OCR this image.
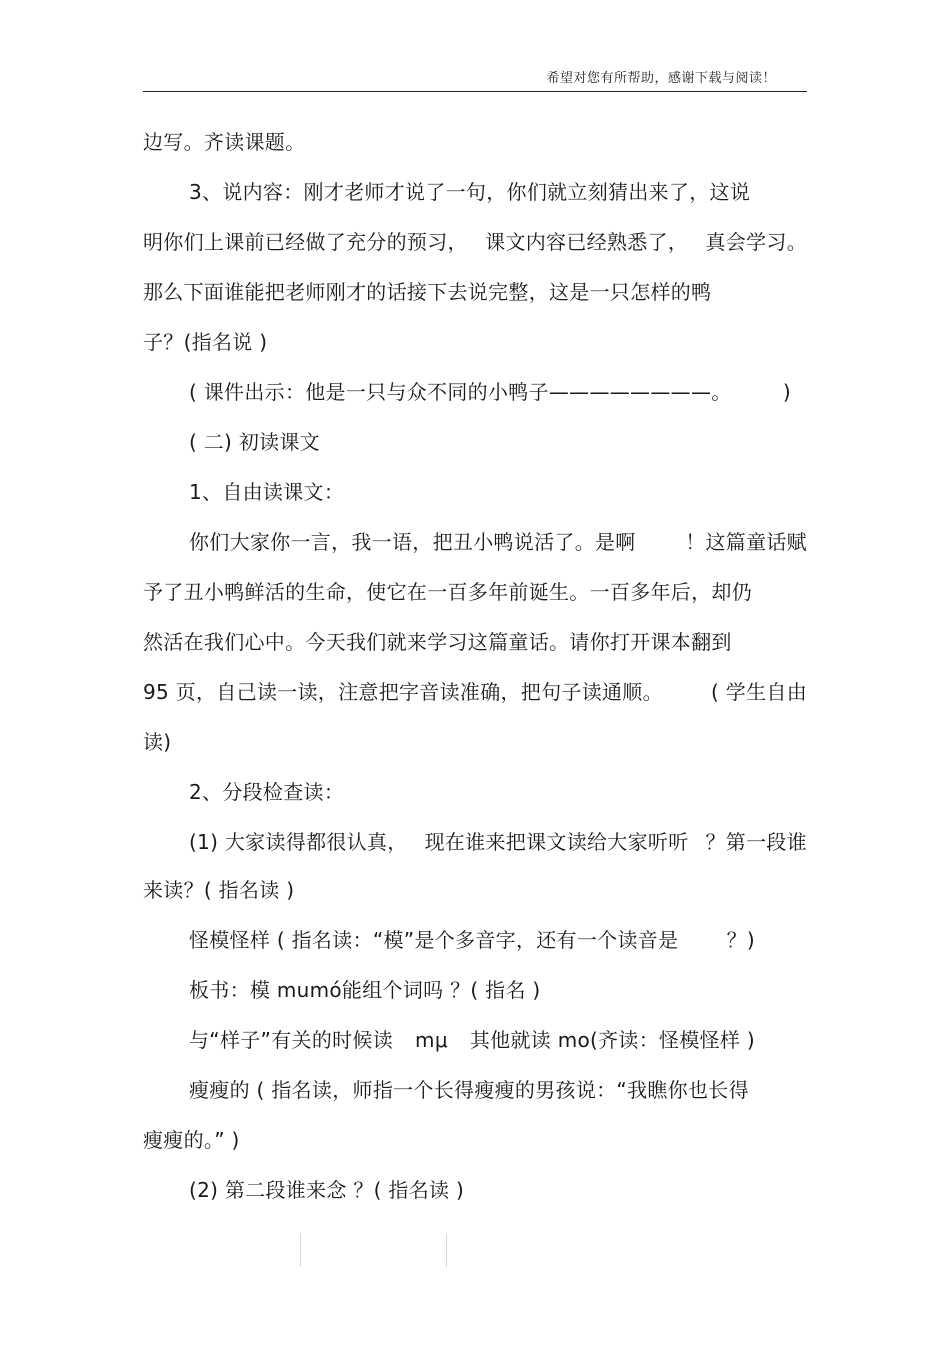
希望对您有所帮助，感谢下载与阅读！
边写。齐读课题。
3、说内容：刚才老师才说了一句，你们就立刻猜出来了，这说
明你们上课前已经做了充分的预习， 课文内容已经熟悉了， 真会学习。
那么下面谁能把老师刚才的话接下去说完整，这是一只怎样的鸭
子？(指名说 )
( 课件出示：他是一只与众不同的小鸭子————————。	)
( 二) 初读课文
1、自由读课文：
你们大家你一言，我一语，把丑小鸭说活了。是啊 ！这篇童话赋
予了丑小鸭鲜活的生命，使它在一百多年前诞生。一百多年后，却仍
然活在我们心中。今天我们就来学习这篇童话。请你打开课本翻到
95 页，自己读一读，注意把字音读准确，把句子读通顺。 ( 学生自由
读)
2、分段检查读：
(1) 大家读得都很认真， 现在谁来把课文读给大家听听 ？第一段谁
来读？( 指名读 )
怪模怪样 ( 指名读：“模”是个多音字，还有一个读音是 ？)
板书：模 mumó能组个词吗 ？( 指名 )
与“样子”有关的时候读 mμ 其他就读 mo(齐读：怪模怪样 )
瘦瘦的 ( 指名读，师指一个长得瘦瘦的男孩说：“我瞧你也长得
瘦瘦的。” )
(2) 第二段谁来念 ？( 指名读 )
